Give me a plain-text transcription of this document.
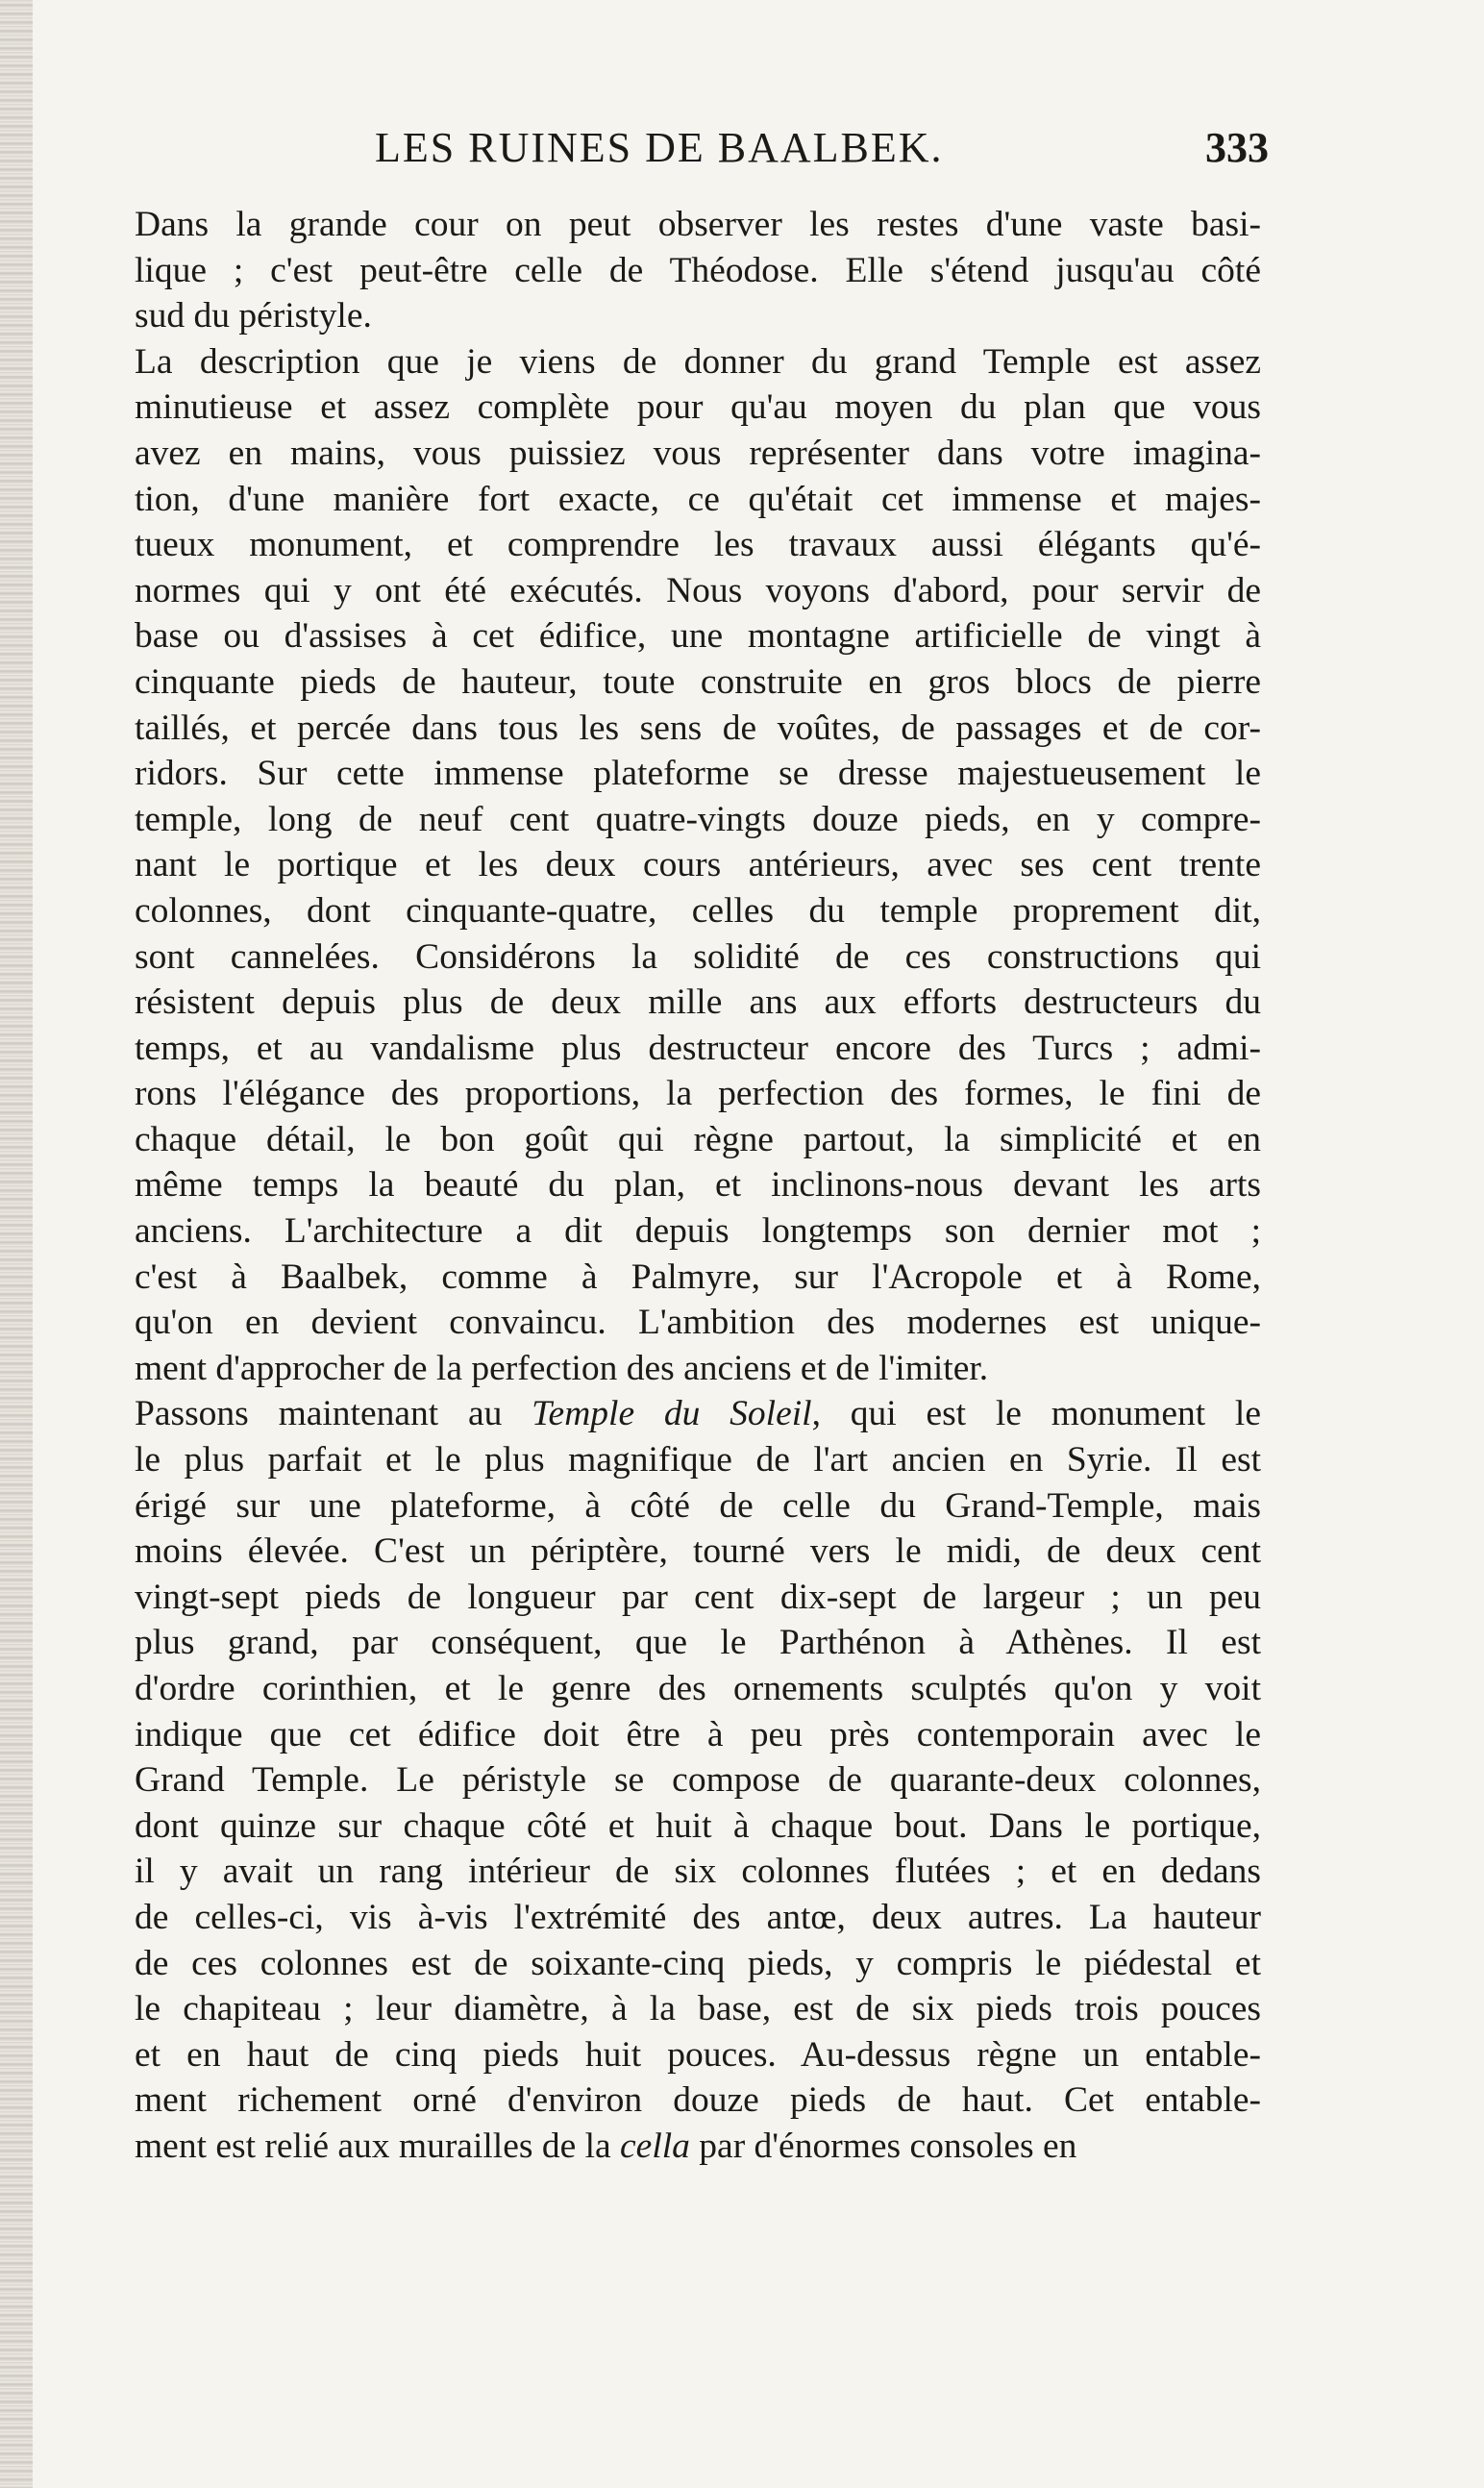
LES RUINES DE BAALBEK.	333
Dans la grande cour on peut observer les restes d'une vaste basi-
lique ; c'est peut-être celle de Théodose. Elle s'étend jusqu'au côté
sud du péristyle.
La description que je viens de donner du grand Temple est assez
minutieuse et assez complète pour qu'au moyen du plan que vous
avez en mains, vous puissiez vous représenter dans votre imagina-
tion, d'une manière fort exacte, ce qu'était cet immense et majes-
tueux monument, et comprendre les travaux aussi élégants qu'é-
normes qui y ont été exécutés. Nous voyons d'abord, pour servir de
base ou d'assises à cet édifice, une montagne artificielle de vingt à
cinquante pieds de hauteur, toute construite en gros blocs de pierre
taillés, et percée dans tous les sens de voûtes, de passages et de cor-
ridors. Sur cette immense plateforme se dresse majestueusement le
temple, long de neuf cent quatre-vingts douze pieds, en y compre-
nant le portique et les deux cours antérieurs, avec ses cent trente
colonnes, dont cinquante-quatre, celles du temple proprement dit,
sont cannelées. Considérons la solidité de ces constructions qui
résistent depuis plus de deux mille ans aux efforts destructeurs du
temps, et au vandalisme plus destructeur encore des Turcs ; admi-
rons l'élégance des proportions, la perfection des formes, le fini de
chaque détail, le bon goût qui règne partout, la simplicité et en
même temps la beauté du plan, et inclinons-nous devant les arts
anciens. L'architecture a dit depuis longtemps son dernier mot ;
c'est à Baalbek, comme à Palmyre, sur l'Acropole et à Rome,
qu'on en devient convaincu. L'ambition des modernes est unique-
ment d'approcher de la perfection des anciens et de l'imiter.
Passons maintenant au Temple du Soleil, qui est le monument le
le plus parfait et le plus magnifique de l'art ancien en Syrie. Il est
érigé sur une plateforme, à côté de celle du Grand-Temple, mais
moins élevée. C'est un périptère, tourné vers le midi, de deux cent
vingt-sept pieds de longueur par cent dix-sept de largeur ; un peu
plus grand, par conséquent, que le Parthénon à Athènes. Il est
d'ordre corinthien, et le genre des ornements sculptés qu'on y voit
indique que cet édifice doit être à peu près contemporain avec le
Grand Temple. Le péristyle se compose de quarante-deux colonnes,
dont quinze sur chaque côté et huit à chaque bout. Dans le portique,
il y avait un rang intérieur de six colonnes flutées ; et en dedans
de celles-ci, vis à-vis l'extrémité des antœ, deux autres. La hauteur
de ces colonnes est de soixante-cinq pieds, y compris le piédestal et
le chapiteau ; leur diamètre, à la base, est de six pieds trois pouces
et en haut de cinq pieds huit pouces. Au-dessus règne un entable-
ment richement orné d'environ douze pieds de haut. Cet entable-
ment est relié aux murailles de la cella par d'énormes consoles en
